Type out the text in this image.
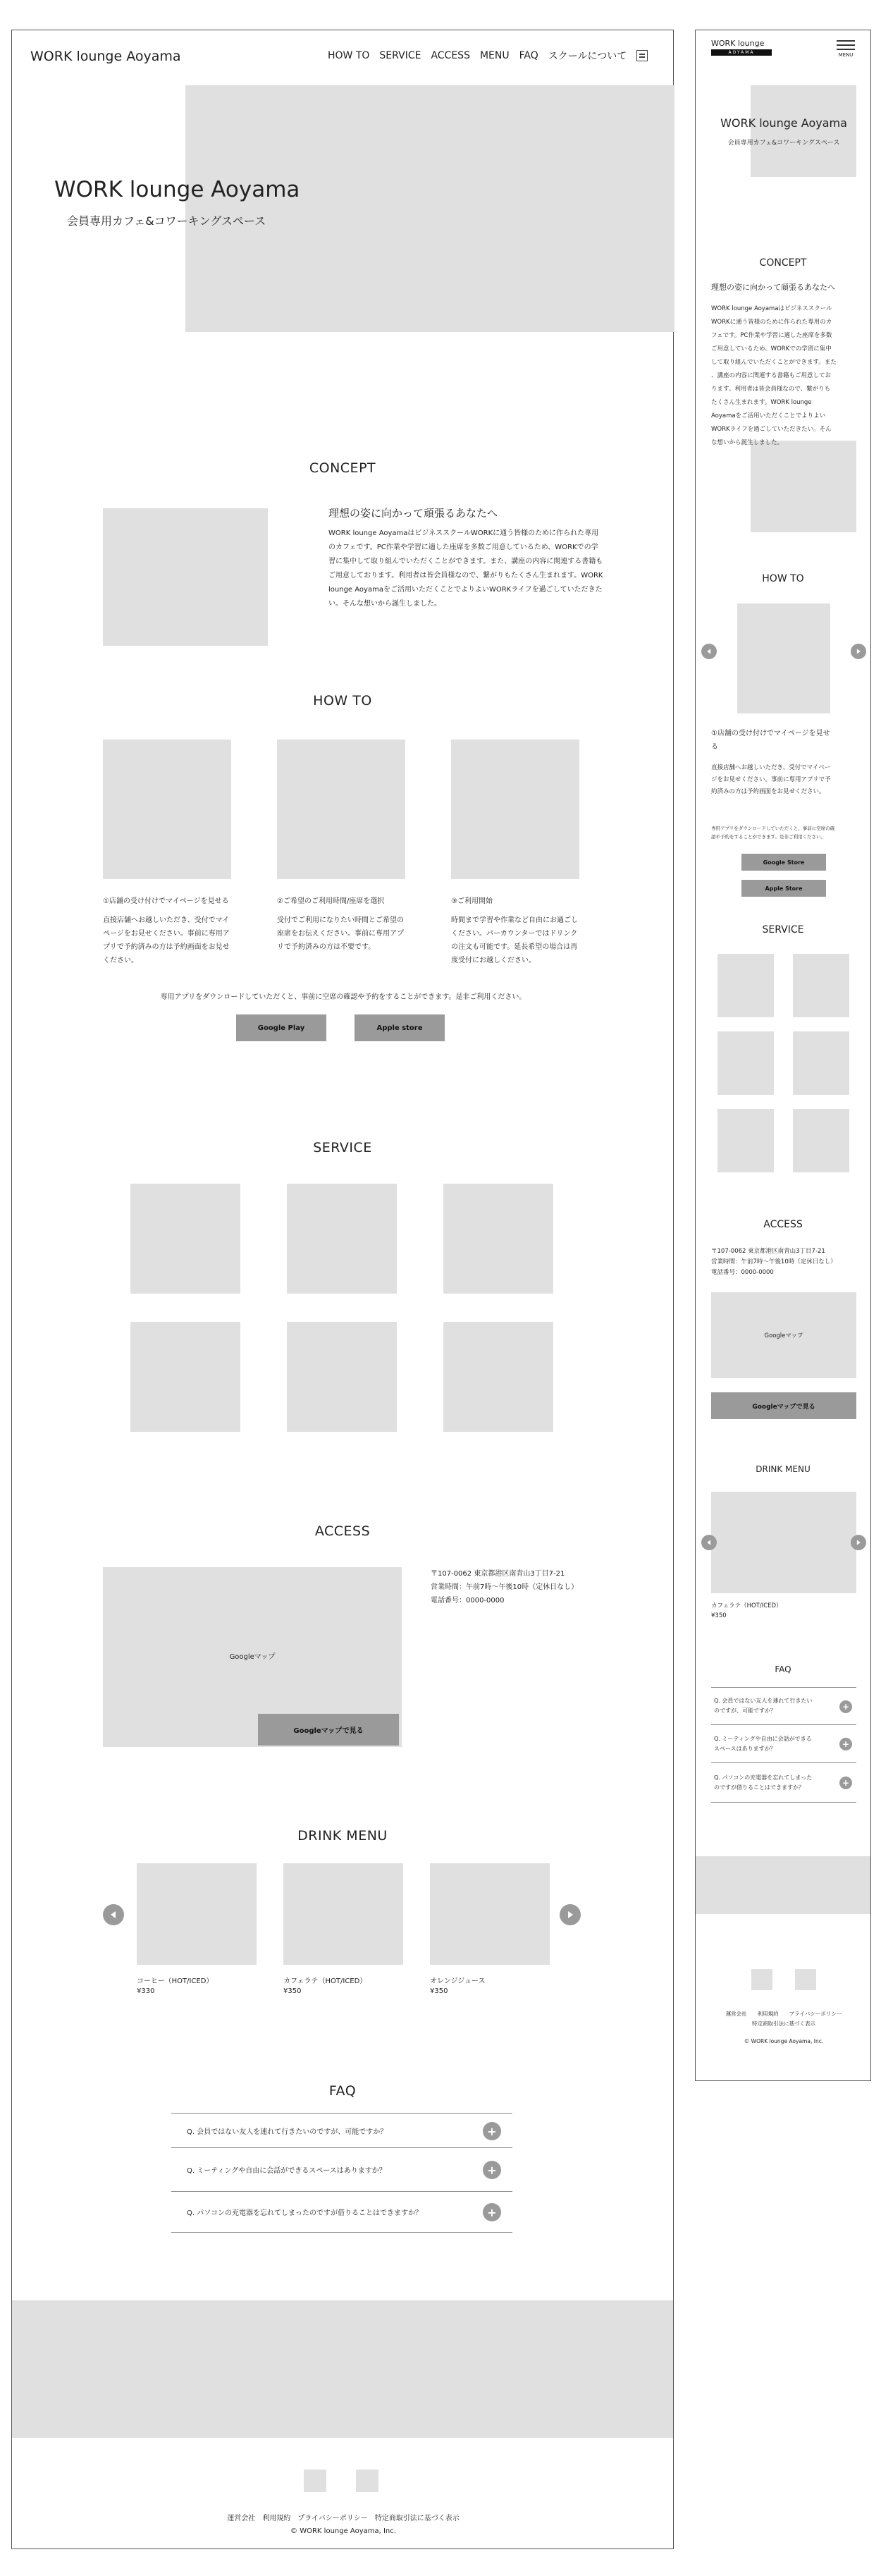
WORK lounge Aoyama	HOW TO SERVICE ACCESS MENU FAQ スクールについて
WORK lounge Aoyama
会員専用カフェ&コワーキングスペース
CONCEPT
理想の姿に向かって頑張るあなたへ
WORK lounge AoyamaはビジネススクールWORKに通う皆様のために作られた専用のカフェです。PC作業や学習に適した座席を多数ご用意しているため、WORKでの学習に集中して取り組んでいただくことができます。また、講座の内容に関連する書籍もご用意しております。利用者は皆会員様なので、繋がりもたくさん生まれます。WORK lounge Aoyamaをご活用いただくことでよりよいWORKライフを過ごしていただきたい。そんな想いから誕生しました。
HOW TO
①店舗の受け付けでマイページを見せる
直接店舗へお越しいただき、受付でマイページをお見せください。事前に専用アプリで予約済みの方は予約画面をお見せください。
②ご希望のご利用時間/座席を選択
受付でご利用になりたい時間とご希望の座席をお伝えください。事前に専用アプリで予約済みの方は不要です。
③ご利用開始
時間まで学習や作業など自由にお過ごしください。パーカウンターではドリンクの注文も可能です。延長希望の場合は再度受付にお越しください。
専用アプリをダウンロードしていただくと、事前に空席の確認や予約をすることができます。是非ご利用ください。
Google Play	Apple store
SERVICE
ACCESS
Googleマップ
Googleマップで見る
〒107-0062 東京都港区南青山3丁目7-21
営業時間：午前7時〜午後10時（定休日なし）
電話番号：0000-0000
DRINK MENU
コーヒー（HOT/ICED）
¥330
カフェラテ（HOT/ICED）
¥350
オレンジジュース
¥350
FAQ
Q. 会員ではない友人を連れて行きたいのですが、可能ですか？	+
Q. ミーティングや自由に会話ができるスペースはありますか？	+
Q. パソコンの充電器を忘れてしまったのですが借りることはできますか？	+
運営会社　利用規約　プライバシーポリシー　特定商取引法に基づく表示
© WORK lounge Aoyama, Inc.
WORK lounge
AOYAMA	MENU
WORK lounge Aoyama
会員専用カフェ&コワーキングスペース
CONCEPT
理想の姿に向かって頑張るあなたへ
WORK lounge Aoyamaはビジネススクール
WORKに通う皆様のために作られた専用のカ
フェです。PC作業や学習に適した座席を多数
ご用意しているため、WORKでの学習に集中
して取り組んでいただくことができます。また
、講座の内容に関連する書籍もご用意してお
ります。利用者は皆会員様なので、繋がりも
たくさん生まれます。WORK lounge
Aoyamaをご活用いただくことでよりよい
WORKライフを過ごしていただきたい。そん
な想いから誕生しました。
HOW TO
①店舗の受け付けでマイページを見せ
る
直接店舗へお越しいただき、受付でマイペー
ジをお見せください。事前に専用アプリで予
約済みの方は予約画面をお見せください。
専用アプリをダウンロードしていただくと、事前に空席の確
認や予約をすることができます。是非ご利用ください。
Google Store
Apple Store
SERVICE
ACCESS
〒107-0062 東京都港区南青山3丁目7-21
営業時間：午前7時〜午後10時（定休日なし）
電話番号：0000-0000
Googleマップ
Googleマップで見る
DRINK MENU
カフェラテ（HOT/ICED）
¥350
FAQ
Q. 会員ではない友人を連れて行きたい
のですが、可能ですか？	+
Q. ミーティングや自由に会話ができる
スペースはありますか？	+
Q. パソコンの充電器を忘れてしまった
のですが借りることはできますか？	+
運営会社　　利用規約　　プライバシーポリシー
特定商取引法に基づく表示
© WORK lounge Aoyama, Inc.
